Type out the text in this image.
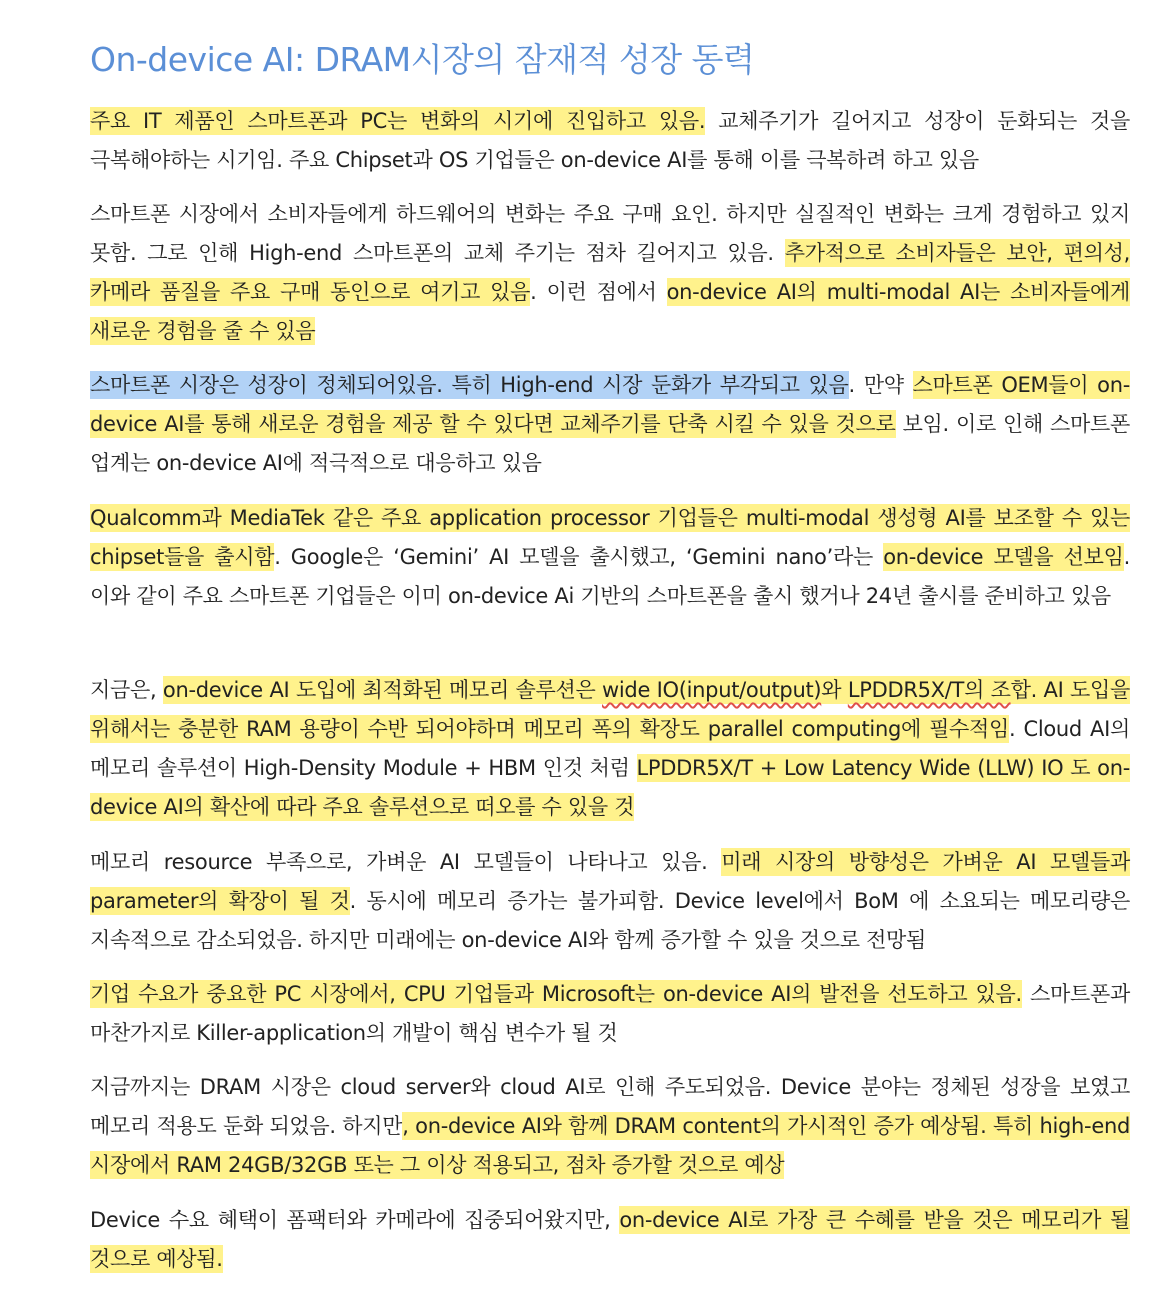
On-device AI: DRAM시장의 잠재적 성장 동력

주요 IT 제품인 스마트폰과 PC는 변화의 시기에 진입하고 있음. 교체주기가 길어지고 성장이 둔화되는 것을 극복해야하는 시기임. 주요 Chipset과 OS 기업들은 on-device AI를 통해 이를 극복하려 하고 있음

스마트폰 시장에서 소비자들에게 하드웨어의 변화는 주요 구매 요인. 하지만 실질적인 변화는 크게 경험하고 있지 못함. 그로 인해 High-end 스마트폰의 교체 주기는 점차 길어지고 있음. 추가적으로 소비자들은 보안, 편의성, 카메라 품질을 주요 구매 동인으로 여기고 있음. 이런 점에서 on-device AI의 multi-modal AI는 소비자들에게 새로운 경험을 줄 수 있음

스마트폰 시장은 성장이 정체되어있음. 특히 High-end 시장 둔화가 부각되고 있음. 만약 스마트폰 OEM들이 on-device AI를 통해 새로운 경험을 제공 할 수 있다면 교체주기를 단축 시킬 수 있을 것으로 보임. 이로 인해 스마트폰 업계는 on-device AI에 적극적으로 대응하고 있음

Qualcomm과 MediaTek 같은 주요 application processor 기업들은 multi-modal 생성형 AI를 보조할 수 있는 chipset들을 출시함. Google은 ‘Gemini’ AI 모델을 출시했고, ‘Gemini nano’라는 on-device 모델을 선보임. 이와 같이 주요 스마트폰 기업들은 이미 on-device Ai 기반의 스마트폰을 출시 했거나 24년 출시를 준비하고 있음

지금은, on-device AI 도입에 최적화된 메모리 솔루션은 wide IO(input/output)와 LPDDR5X/T의 조합. AI 도입을 위해서는 충분한 RAM 용량이 수반 되어야하며 메모리 폭의 확장도 parallel computing에 필수적임. Cloud AI의 메모리 솔루션이 High-Density Module + HBM 인것 처럼 LPDDR5X/T + Low Latency Wide (LLW) IO 도 on-device AI의 확산에 따라 주요 솔루션으로 떠오를 수 있을 것

메모리 resource 부족으로, 가벼운 AI 모델들이 나타나고 있음. 미래 시장의 방향성은 가벼운 AI 모델들과 parameter의 확장이 될 것. 동시에 메모리 증가는 불가피함. Device level에서 BoM 에 소요되는 메모리량은 지속적으로 감소되었음. 하지만 미래에는 on-device AI와 함께 증가할 수 있을 것으로 전망됨

기업 수요가 중요한 PC 시장에서, CPU 기업들과 Microsoft는 on-device AI의 발전을 선도하고 있음. 스마트폰과 마찬가지로 Killer-application의 개발이 핵심 변수가 될 것

지금까지는 DRAM 시장은 cloud server와 cloud AI로 인해 주도되었음. Device 분야는 정체된 성장을 보였고 메모리 적용도 둔화 되었음. 하지만, on-device AI와 함께 DRAM content의 가시적인 증가 예상됨. 특히 high-end 시장에서 RAM 24GB/32GB 또는 그 이상 적용되고, 점차 증가할 것으로 예상

Device 수요 혜택이 폼팩터와 카메라에 집중되어왔지만, on-device AI로 가장 큰 수혜를 받을 것은 메모리가 될 것으로 예상됨.
